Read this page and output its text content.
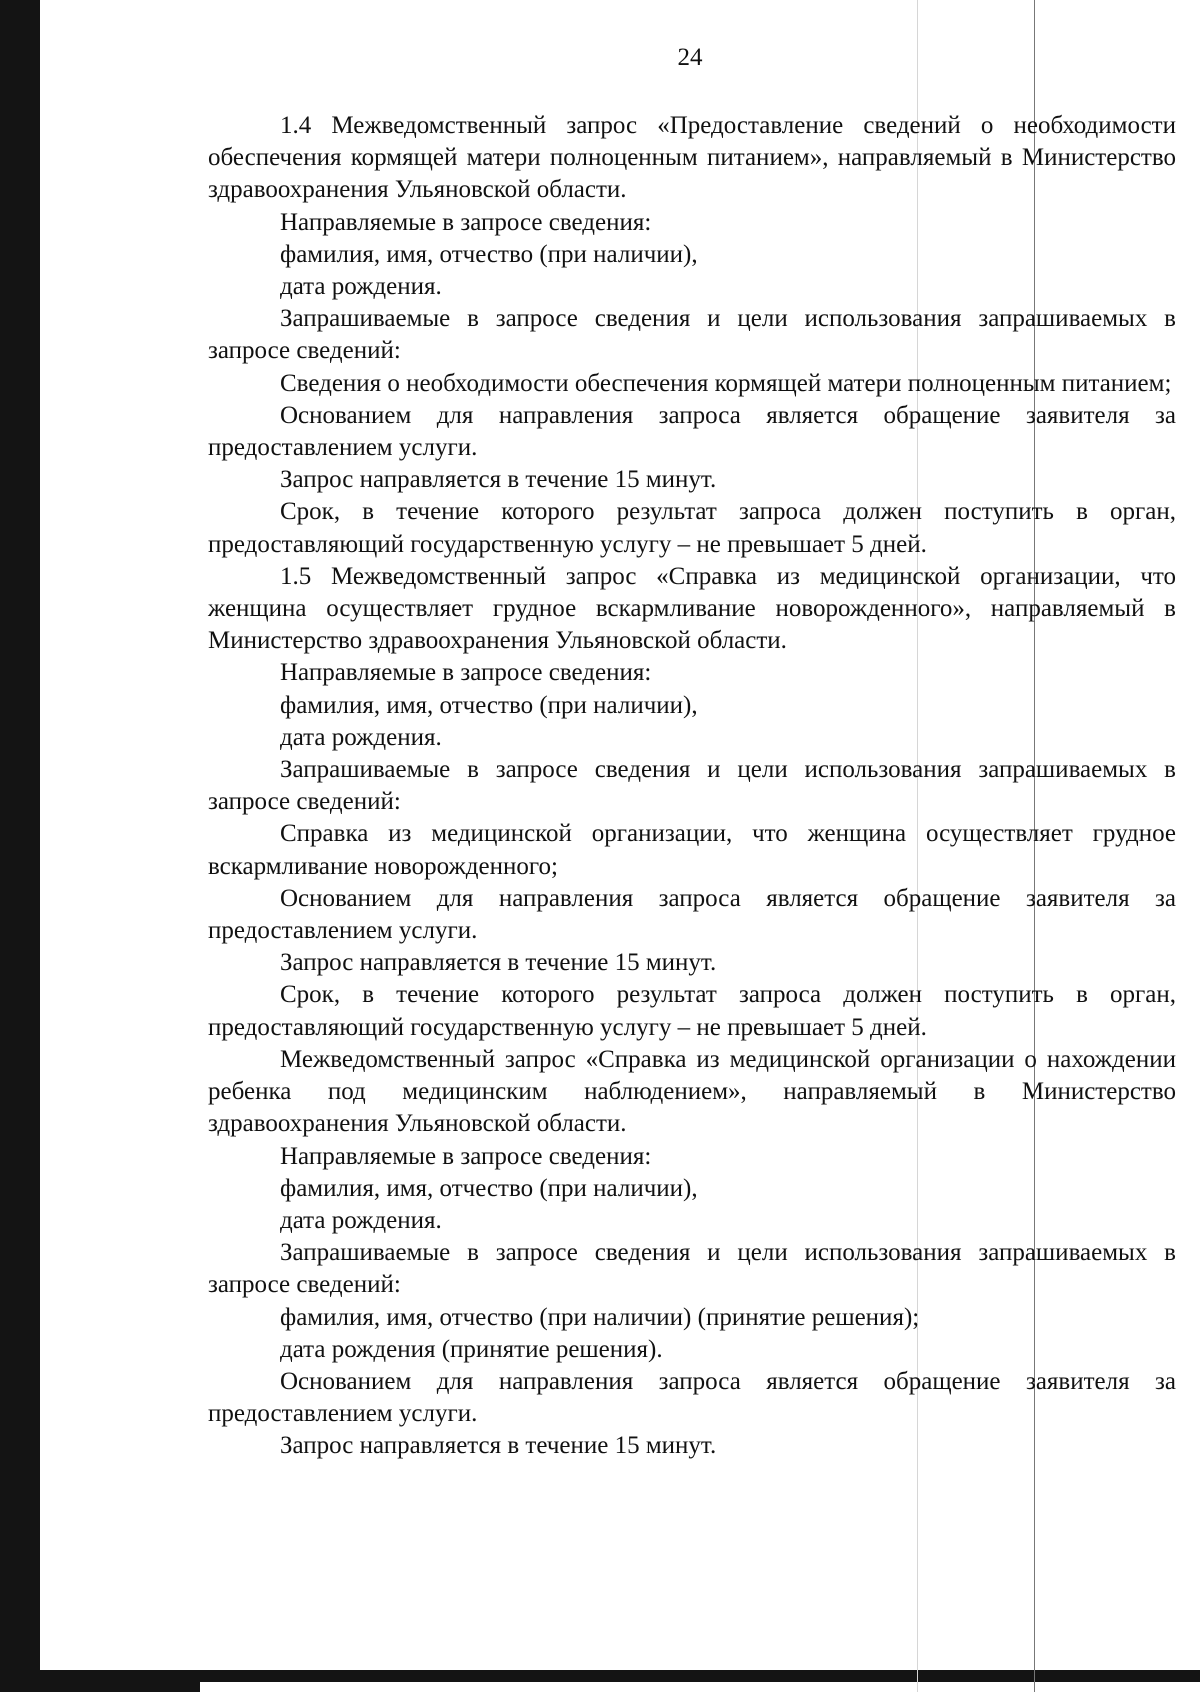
24

1.4 Межведомственный запрос «Предоставление сведений о необходимости обеспечения кормящей матери полноценным питанием», направляемый в Министерство здравоохранения Ульяновской области.

Направляемые в запросе сведения:

фамилия, имя, отчество (при наличии),

дата рождения.

Запрашиваемые в запросе сведения и цели использования запрашиваемых в запросе сведений:

Сведения о необходимости обеспечения кормящей матери полноценным питанием;

Основанием для направления запроса является обращение заявителя за предоставлением услуги.

Запрос направляется в течение 15 минут.

Срок, в течение которого результат запроса должен поступить в орган, предоставляющий государственную услугу – не превышает 5 дней.

1.5 Межведомственный запрос «Справка из медицинской организации, что женщина осуществляет грудное вскармливание новорожденного», направляемый в Министерство здравоохранения Ульяновской области.

Направляемые в запросе сведения:

фамилия, имя, отчество (при наличии),

дата рождения.

Запрашиваемые в запросе сведения и цели использования запрашиваемых в запросе сведений:

Справка из медицинской организации, что женщина осуществляет грудное вскармливание новорожденного;

Основанием для направления запроса является обращение заявителя за предоставлением услуги.

Запрос направляется в течение 15 минут.

Срок, в течение которого результат запроса должен поступить в орган, предоставляющий государственную услугу – не превышает 5 дней.

Межведомственный запрос «Справка из медицинской организации о нахождении ребенка под медицинским наблюдением», направляемый в Министерство здравоохранения Ульяновской области.

Направляемые в запросе сведения:

фамилия, имя, отчество (при наличии),

дата рождения.

Запрашиваемые в запросе сведения и цели использования запрашиваемых в запросе сведений:

фамилия, имя, отчество (при наличии) (принятие решения);

дата рождения (принятие решения).

Основанием для направления запроса является обращение заявителя за предоставлением услуги.

Запрос направляется в течение 15 минут.
